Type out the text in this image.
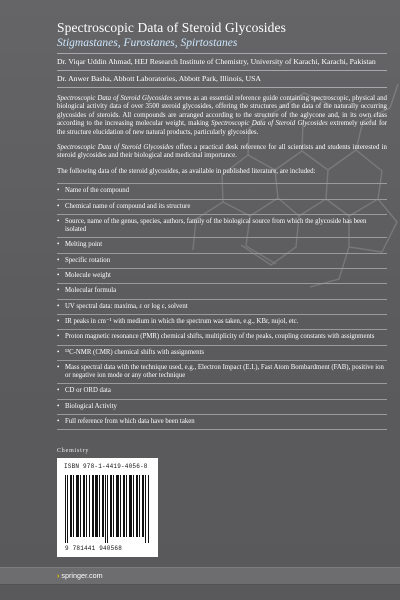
Spectroscopic Data of Steroid Glycosides
Stigmastanes, Furostanes, Spirtostanes
Dr. Viqar Uddin Ahmad, HEJ Research Institute of Chemistry, University of Karachi, Karachi, Pakistan
Dr. Anwer Basha, Abbott Laboratories, Abbott Park, Illinois, USA

Spectroscopic Data of Steroid Glycosides serves as an essential reference guide containing spectroscopic, physical and biological activity data of over 3500 steroid glycosides, offering the structures and the data of the naturally occurring glycosides of steroids. All compounds are arranged according to the structure of the aglycone and, in its own class according to the increasing molecular weight, making Spectroscopic Data of Steroid Glycosides extremely useful for the structure elucidation of new natural products, particularly glycosides.

Spectroscopic Data of Steroid Glycosides offers a practical desk reference for all scientists and students interested in steroid glycosides and their biological and medicinal importance.

The following data of the steroid glycosides, as available in published literature, are included:

• Name of the compound
• Chemical name of compound and its structure
• Source, name of the genus, species, authors, family of the biological source from which the glycoside has been isolated
• Melting point
• Specific rotation
• Molecule weight
• Molecular formula
• UV spectral data: maxima, ε or log ε, solvent
• IR peaks in cm⁻¹ with medium in which the spectrum was taken, e.g., KBr, nujol, etc.
• Proton magnetic resonance (PMR) chemical shifts, multiplicity of the peaks, coupling constants with assignments
• ¹³C-NMR (CMR) chemical shifts with assignments
• Mass spectral data with the technique used, e.g., Electron Impact (E.I.), Fast Atom Bombardment (FAB), positive ion or negative ion mode or any other technique
• CD or ORD data
• Biological Activity
• Full reference from which data have been taken
Chemistry
ISBN 978-1-4419-4056-8
9 781441 940568
› springer.com
